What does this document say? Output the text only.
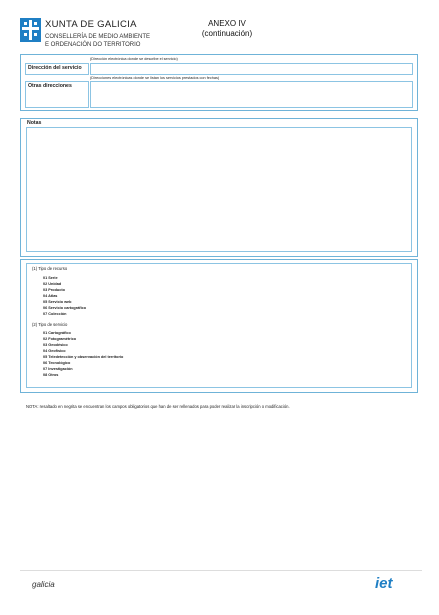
XUNTA DE GALICIA
CONSELLERÍA DE MEDIO AMBIENTE
E ORDENACIÓN DO TERRITORIO
ANEXO IV
(continuación)
(Dirección electrónica donde se describe el servicio)
Dirección del servicio
(Direcciones electrónicas donde se listan los servicios prestados con fechas)
Otras direcciones
Notas
(1) Tipo de recurso
01 Serie
02 Unidad
03 Producto
04 Atlas
05 Servicio web
06 Servicio cartográfico
07 Colección
(2) Tipo de servicio
01 Cartográfico
02 Fotogramétrico
03 Geodésico
04 Geofísico
05 Teledetección y observación del territorio
06 Tecnológico
07 Investigación
08 Otros
NOTA: resaltado en negrita se encuentran los campos obligatorios que han de ser rellenados para poder realizar la inscripción o modificación.
galicia	iet
